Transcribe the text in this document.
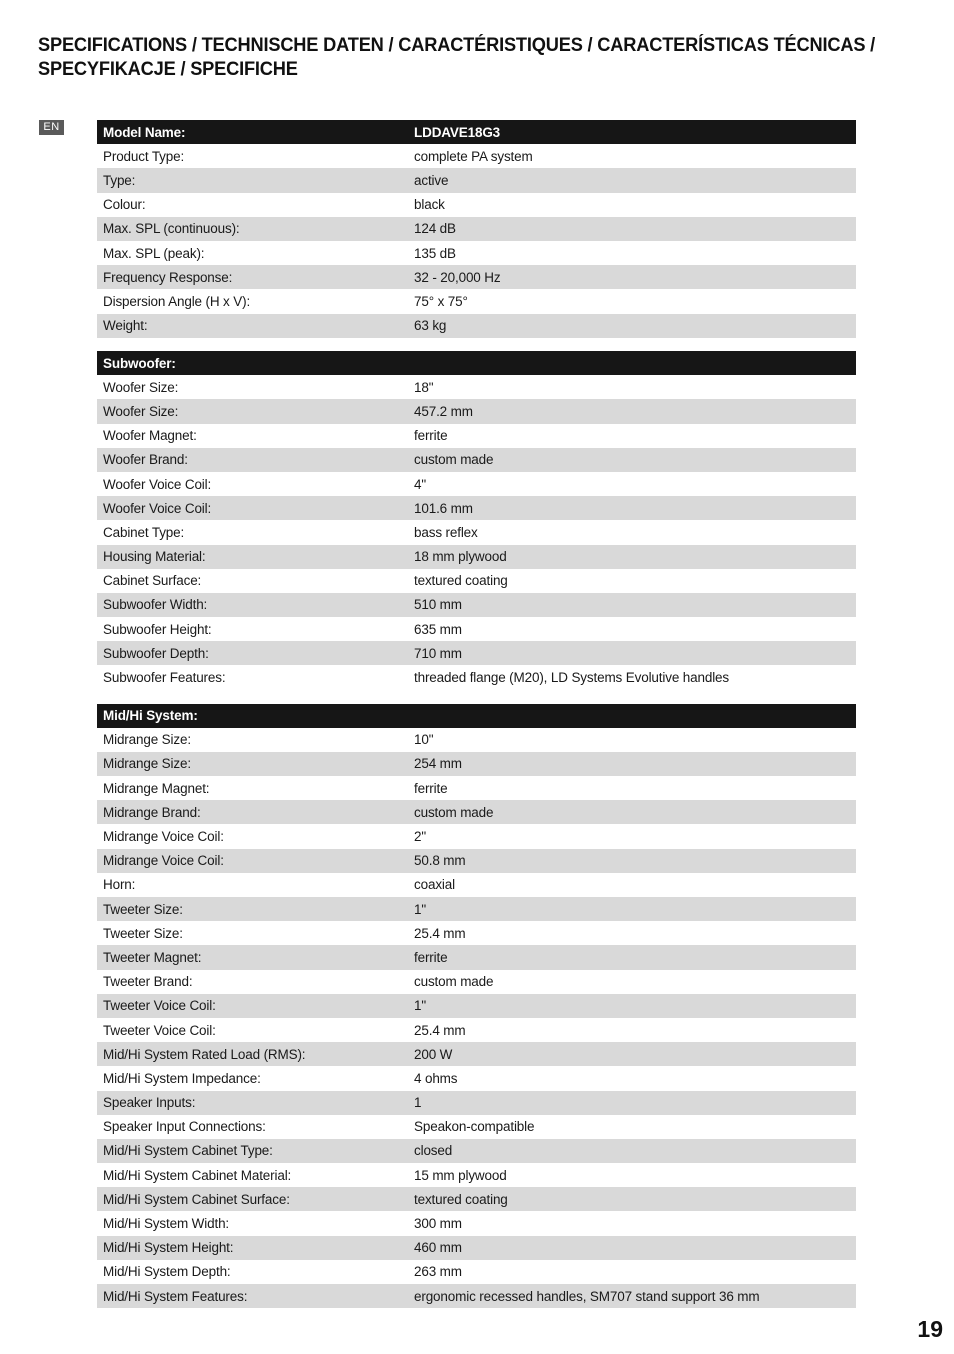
SPECIFICATIONS / TECHNISCHE DATEN / CARACTÉRISTIQUES / CARACTERÍSTICAS TÉCNICAS / SPECYFIKACJE / SPECIFICHE
EN	Model Name:	LDDAVE18G3
Product Type:	complete PA system
Type:	active
Colour:	black
Max. SPL (continuous):	124 dB
Max. SPL (peak):	135 dB
Frequency Response:	32 - 20,000 Hz
Dispersion Angle (H x V):	75° x 75°
Weight:	63 kg
Subwoofer:
Woofer Size:	18"
Woofer Size:	457.2 mm
Woofer Magnet:	ferrite
Woofer Brand:	custom made
Woofer Voice Coil:	4"
Woofer Voice Coil:	101.6 mm
Cabinet Type:	bass reflex
Housing Material:	18 mm plywood
Cabinet Surface:	textured coating
Subwoofer Width:	510 mm
Subwoofer Height:	635 mm
Subwoofer Depth:	710 mm
Subwoofer Features:	threaded flange (M20), LD Systems Evolutive handles
Mid/Hi System:
Midrange Size:	10"
Midrange Size:	254 mm
Midrange Magnet:	ferrite
Midrange Brand:	custom made
Midrange Voice Coil:	2"
Midrange Voice Coil:	50.8 mm
Horn:	coaxial
Tweeter Size:	1"
Tweeter Size:	25.4 mm
Tweeter Magnet:	ferrite
Tweeter Brand:	custom made
Tweeter Voice Coil:	1"
Tweeter Voice Coil:	25.4 mm
Mid/Hi System Rated Load (RMS):	200 W
Mid/Hi System Impedance:	4 ohms
Speaker Inputs:	1
Speaker Input Connections:	Speakon-compatible
Mid/Hi System Cabinet Type:	closed
Mid/Hi System Cabinet Material:	15 mm plywood
Mid/Hi System Cabinet Surface:	textured coating
Mid/Hi System Width:	300 mm
Mid/Hi System Height:	460 mm
Mid/Hi System Depth:	263 mm
Mid/Hi System Features:	ergonomic recessed handles, SM707 stand support 36 mm
19
